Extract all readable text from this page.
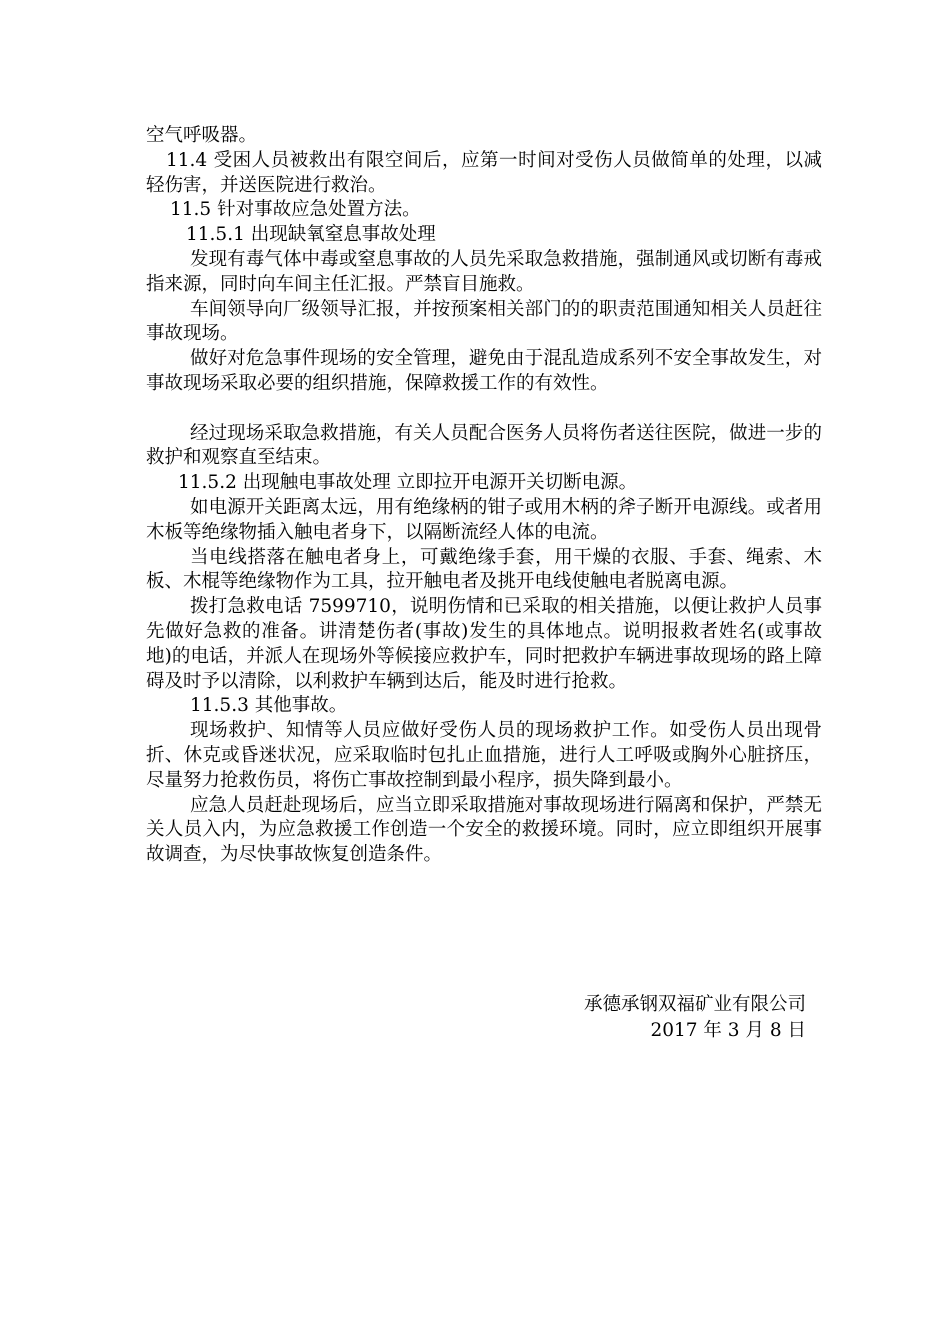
空气呼吸器。

11.4 受困人员被救出有限空间后，应第一时间对受伤人员做简单的处理，以减轻伤害，并送医院进行救治。

11.5 针对事故应急处置方法。

11.5.1 出现缺氧窒息事故处理

发现有毒气体中毒或窒息事故的人员先采取急救措施，强制通风或切断有毒戒指来源，同时向车间主任汇报。严禁盲目施救。

车间领导向厂级领导汇报，并按预案相关部门的的职责范围通知相关人员赶往事故现场。

做好对危急事件现场的安全管理，避免由于混乱造成系列不安全事故发生，对事故现场采取必要的组织措施，保障救援工作的有效性。

经过现场采取急救措施，有关人员配合医务人员将伤者送往医院，做进一步的救护和观察直至结束。

11.5.2 出现触电事故处理 立即拉开电源开关切断电源。

如电源开关距离太远，用有绝缘柄的钳子或用木柄的斧子断开电源线。或者用木板等绝缘物插入触电者身下，以隔断流经人体的电流。

当电线搭落在触电者身上，可戴绝缘手套，用干燥的衣服、手套、绳索、木板、木棍等绝缘物作为工具，拉开触电者及挑开电线使触电者脱离电源。

拨打急救电话 7599710，说明伤情和已采取的相关措施，以便让救护人员事先做好急救的准备。讲清楚伤者(事故)发生的具体地点。说明报救者姓名(或事故地)的电话，并派人在现场外等候接应救护车，同时把救护车辆进事故现场的路上障碍及时予以清除，以利救护车辆到达后，能及时进行抢救。

11.5.3 其他事故。

现场救护、知情等人员应做好受伤人员的现场救护工作。如受伤人员出现骨折、休克或昏迷状况，应采取临时包扎止血措施，进行人工呼吸或胸外心脏挤压，尽量努力抢救伤员，将伤亡事故控制到最小程序，损失降到最小。

应急人员赶赴现场后，应当立即采取措施对事故现场进行隔离和保护，严禁无关人员入内，为应急救援工作创造一个安全的救援环境。同时，应立即组织开展事故调查，为尽快事故恢复创造条件。

承德承钢双福矿业有限公司
2017 年 3 月 8 日
